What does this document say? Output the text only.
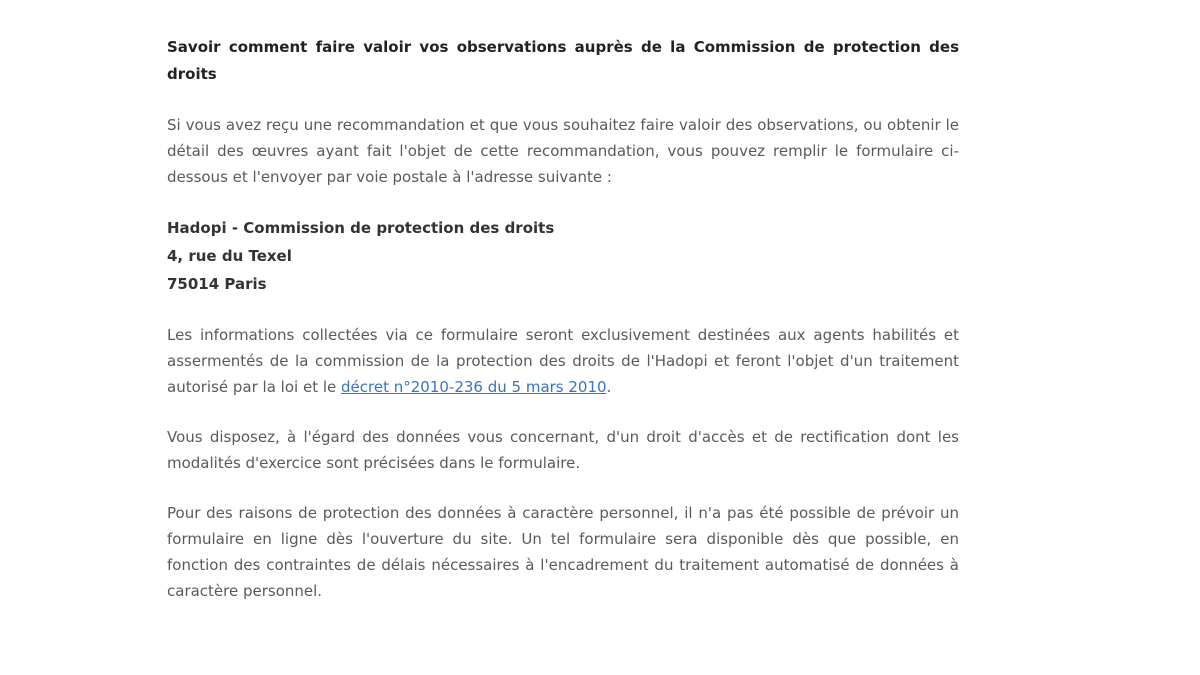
Savoir comment faire valoir vos observations auprès de la Commission de protection des droits

Si vous avez reçu une recommandation et que vous souhaitez faire valoir des observations, ou obtenir le détail des œuvres ayant fait l'objet de cette recommandation, vous pouvez remplir le formulaire ci-dessous et l'envoyer par voie postale à l'adresse suivante :

Hadopi - Commission de protection des droits
4, rue du Texel
75014 Paris

Les informations collectées via ce formulaire seront exclusivement destinées aux agents habilités et assermentés de la commission de la protection des droits de l'Hadopi et feront l'objet d'un traitement autorisé par la loi et le décret n°2010-236 du 5 mars 2010.

Vous disposez, à l'égard des données vous concernant, d'un droit d'accès et de rectification dont les modalités d'exercice sont précisées dans le formulaire.

Pour des raisons de protection des données à caractère personnel, il n'a pas été possible de prévoir un formulaire en ligne dès l'ouverture du site. Un tel formulaire sera disponible dès que possible, en fonction des contraintes de délais nécessaires à l'encadrement du traitement automatisé de données à caractère personnel.
